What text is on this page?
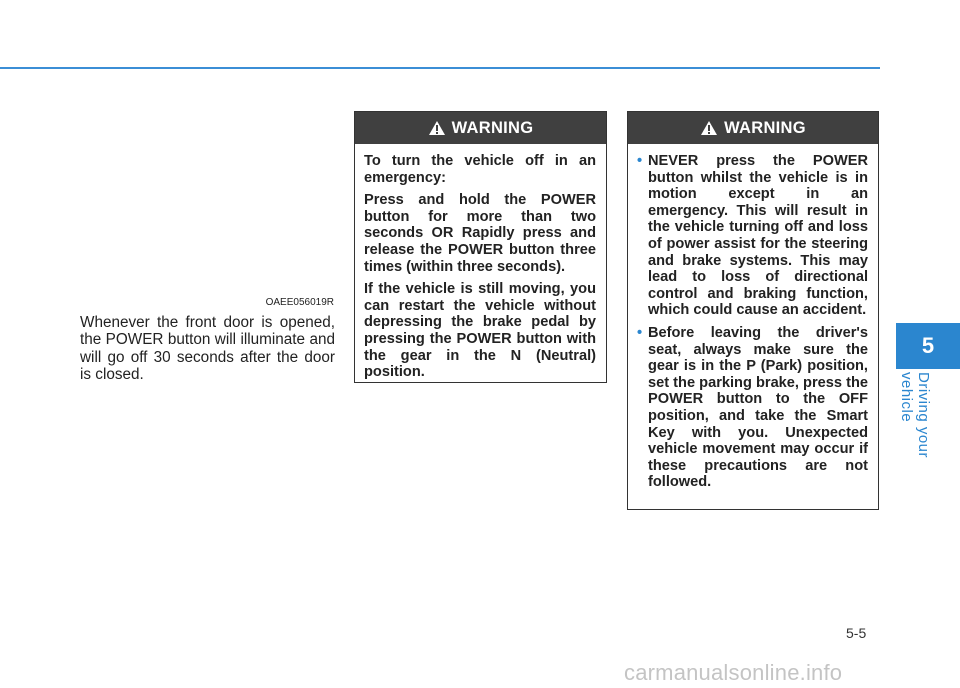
5
Driving your vehicle
OAEE056019R
Whenever the front door is opened, the POWER button will illuminate and will go off 30 seconds after the door is closed.
WARNING

To turn the vehicle off in an emergency:

Press and hold the POWER button for more than two seconds OR Rapidly press and release the POWER button three times (within three seconds).

If the vehicle is still moving, you can restart the vehicle without depressing the brake pedal by pressing the POWER button with the gear in the N (Neutral) position.

WARNING
• NEVER press the POWER button whilst the vehicle is in motion except in an emergency. This will result in the vehicle turning off and loss of power assist for the steering and brake systems. This may lead to loss of directional control and braking function, which could cause an accident.
• Before leaving the driver's seat, always make sure the gear is in the P (Park) position, set the parking brake, press the POWER button to the OFF position, and take the Smart Key with you. Unexpected vehicle movement may occur if these precautions are not followed.
5-5
carmanualsonline.info
